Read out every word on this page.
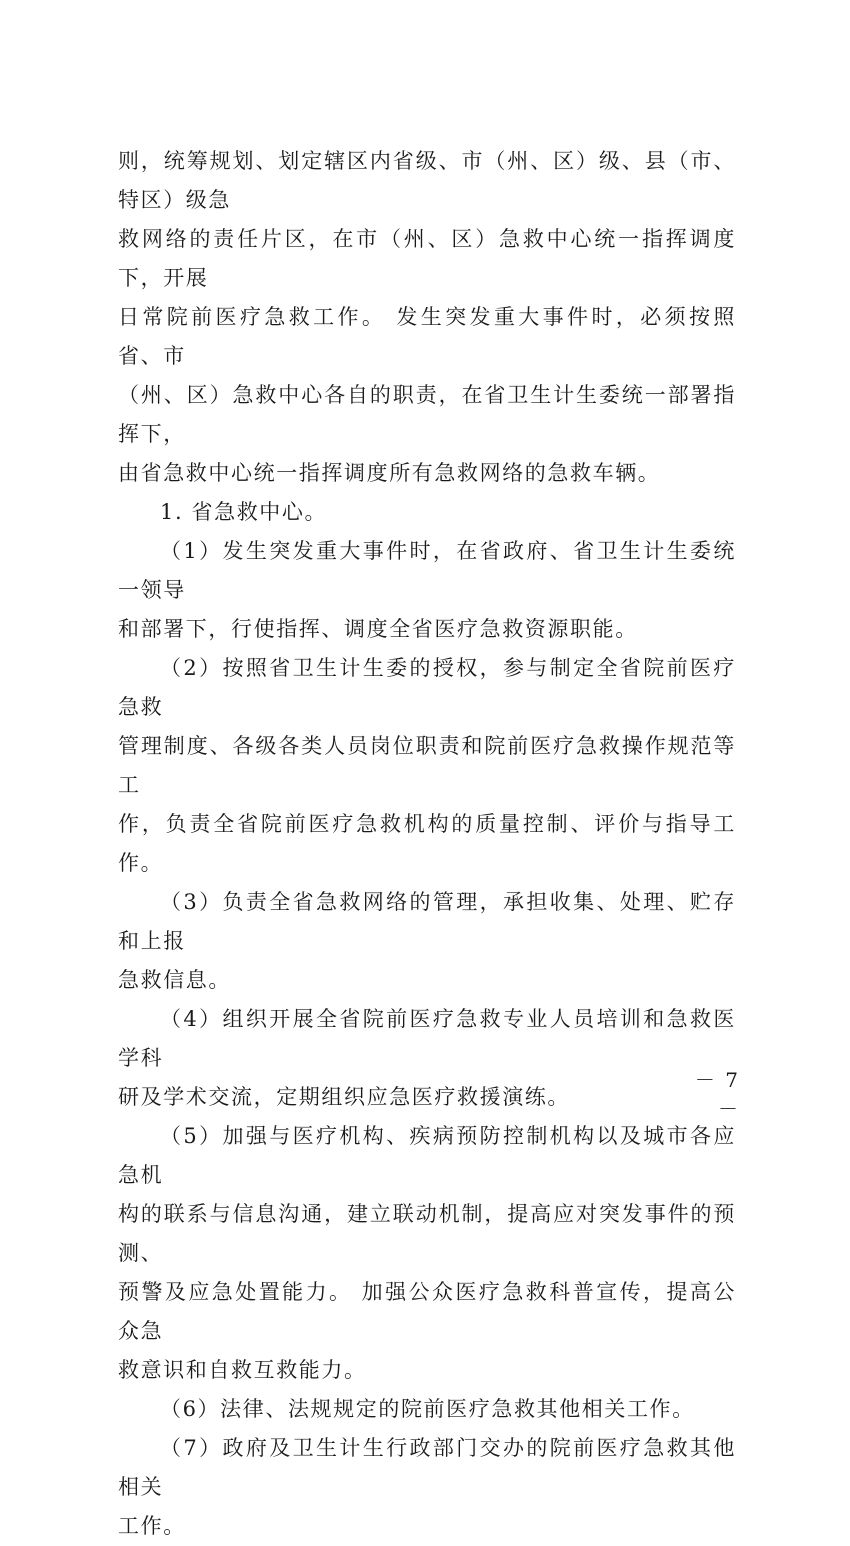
则，统筹规划、划定辖区内省级、市（州、区）级、县（市、特区）级急
救网络的责任片区，在市（州、区）急救中心统一指挥调度下，开展
日常院前医疗急救工作。 发生突发重大事件时，必须按照省、市
（州、区）急救中心各自的职责，在省卫生计生委统一部署指挥下，
由省急救中心统一指挥调度所有急救网络的急救车辆。

1. 省急救中心。

（1）发生突发重大事件时，在省政府、省卫生计生委统一领导
和部署下，行使指挥、调度全省医疗急救资源职能。

（2）按照省卫生计生委的授权，参与制定全省院前医疗急救
管理制度、各级各类人员岗位职责和院前医疗急救操作规范等工
作，负责全省院前医疗急救机构的质量控制、评价与指导工作。

（3）负责全省急救网络的管理，承担收集、处理、贮存和上报
急救信息。

（4）组织开展全省院前医疗急救专业人员培训和急救医学科
研及学术交流，定期组织应急医疗救援演练。

（5）加强与医疗机构、疾病预防控制机构以及城市各应急机
构的联系与信息沟通，建立联动机制，提高应对突发事件的预测、
预警及应急处置能力。 加强公众医疗急救科普宣传，提高公众急
救意识和自救互救能力。

（6）法律、法规规定的院前医疗急救其他相关工作。

（7）政府及卫生计生行政部门交办的院前医疗急救其他相关
工作。

－ 7 －
